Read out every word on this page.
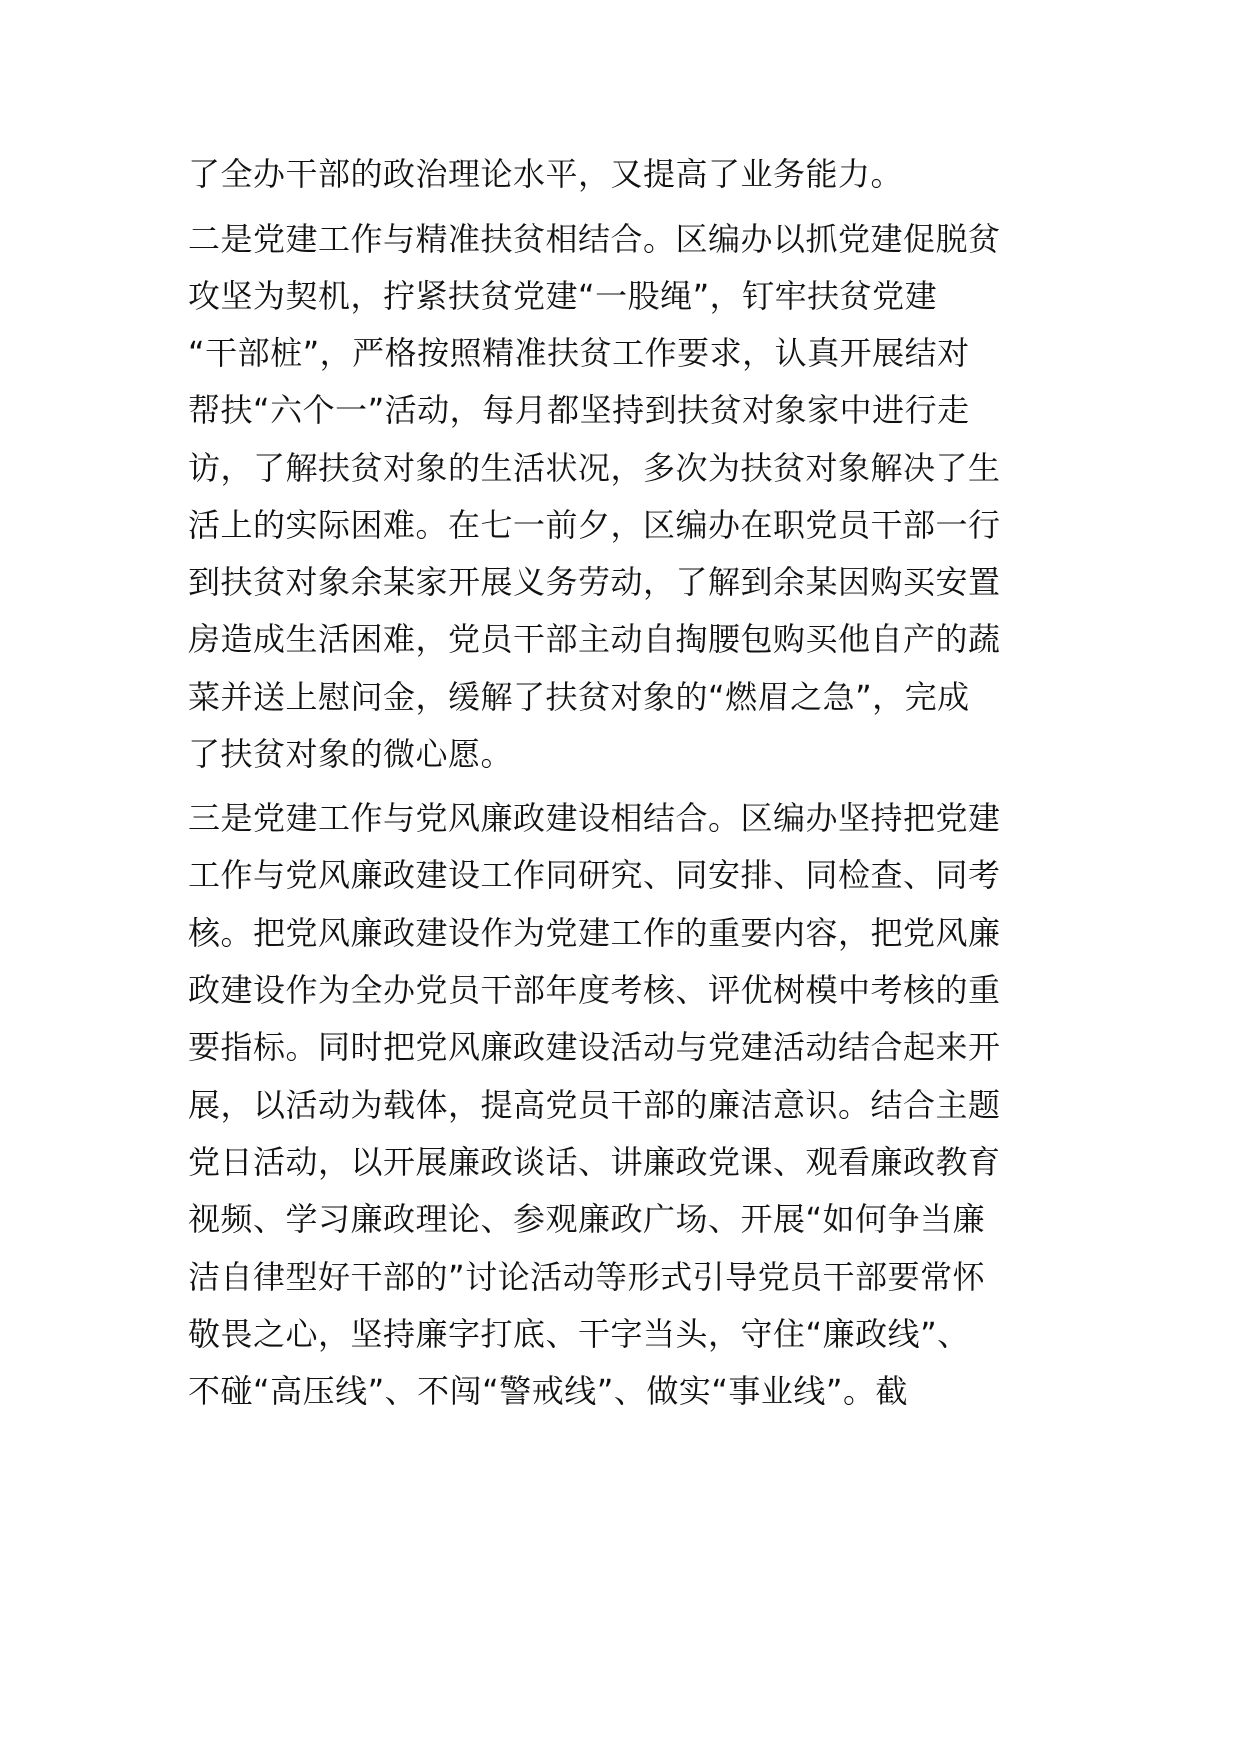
了全办干部的政治理论水平，又提高了业务能力。
二是党建工作与精准扶贫相结合。区编办以抓党建促脱贫
攻坚为契机，拧紧扶贫党建“一股绳”，钉牢扶贫党建
“干部桩”，严格按照精准扶贫工作要求，认真开展结对
帮扶“六个一”活动，每月都坚持到扶贫对象家中进行走
访，了解扶贫对象的生活状况，多次为扶贫对象解决了生
活上的实际困难。在七一前夕，区编办在职党员干部一行
到扶贫对象余某家开展义务劳动，了解到余某因购买安置
房造成生活困难，党员干部主动自掏腰包购买他自产的蔬
菜并送上慰问金，缓解了扶贫对象的“燃眉之急”，完成
了扶贫对象的微心愿。
三是党建工作与党风廉政建设相结合。区编办坚持把党建
工作与党风廉政建设工作同研究、同安排、同检查、同考
核。把党风廉政建设作为党建工作的重要内容，把党风廉
政建设作为全办党员干部年度考核、评优树模中考核的重
要指标。同时把党风廉政建设活动与党建活动结合起来开
展，以活动为载体，提高党员干部的廉洁意识。结合主题
党日活动，以开展廉政谈话、讲廉政党课、观看廉政教育
视频、学习廉政理论、参观廉政广场、开展“如何争当廉
洁自律型好干部的”讨论活动等形式引导党员干部要常怀
敬畏之心，坚持廉字打底、干字当头，守住“廉政线”、
不碰“高压线”、不闯“警戒线”、做实“事业线”。截
